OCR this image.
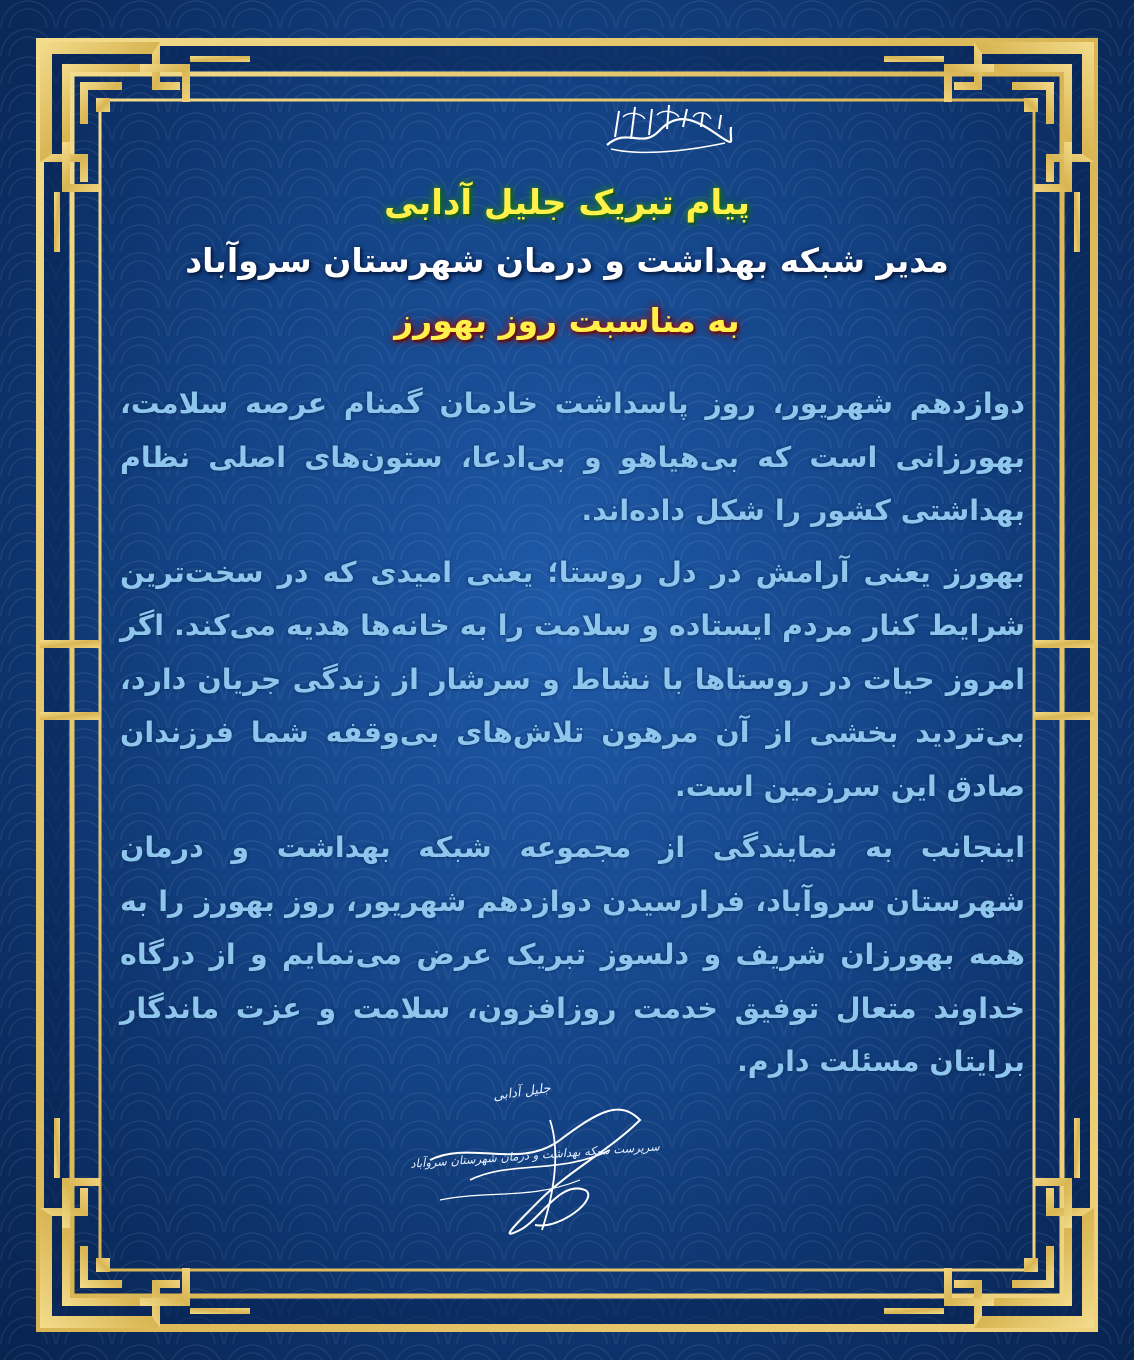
پیام تبریک جلیل آدابی
مدیر شبکه بهداشت و درمان شهرستان سروآباد
به مناسبت روز بهورز

دوازدهم شهریور، روز پاسداشت خادمان گمنام عرصه سلامت، بهورزانی است که بی‌هیاهو و بی‌ادعا، ستون‌های اصلی نظام بهداشتی کشور را شکل داده‌اند.

بهورز یعنی آرامش در دل روستا؛ یعنی امیدی که در سخت‌ترین شرایط کنار مردم ایستاده و سلامت را به خانه‌ها هدیه می‌کند. اگر امروز حیات در روستاها با نشاط و سرشار از زندگی جریان دارد، بی‌تردید بخشی از آن مرهون تلاش‌های بی‌وقفه شما فرزندان صادق این سرزمین است.

اینجانب به نمایندگی از مجموعه شبکه بهداشت و درمان شهرستان سروآباد، فرارسیدن دوازدهم شهریور، روز بهورز را به همه بهورزان شریف و دلسوز تبریک عرض می‌نمایم و از درگاه خداوند متعال توفیق خدمت روزافزون، سلامت و عزت ماندگار برایتان مسئلت دارم.

جلیل آدابی
سرپرست شبکه بهداشت و درمان شهرستان سروآباد
